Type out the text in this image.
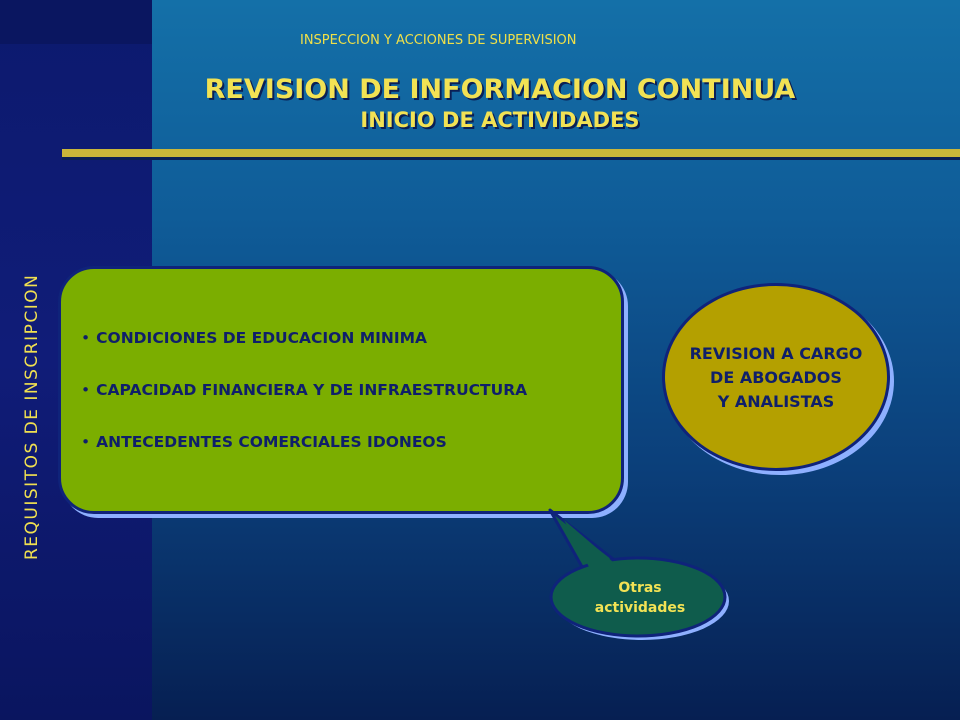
REQUISITOS DE INSCRIPCION
INSPECCION Y ACCIONES DE SUPERVISION
REVISION DE INFORMACION CONTINUA
INICIO DE ACTIVIDADES
• CONDICIONES DE EDUCACION MINIMA
• CAPACIDAD FINANCIERA Y DE INFRAESTRUCTURA
• ANTECEDENTES COMERCIALES IDONEOS
REVISION A CARGO
DE ABOGADOS
Y ANALISTAS
Otras
actividades
